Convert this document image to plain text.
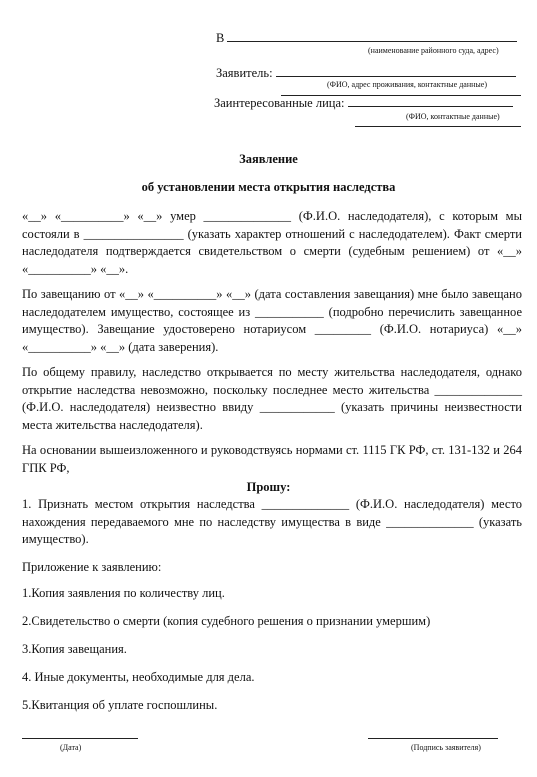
В
(наименование районного суда, адрес)
Заявитель:
(ФИО, адрес проживания, контактные данные)
Заинтересованные лица:
(ФИО, контактные данные)
Заявление
об установлении места открытия наследства
«__» «__________» «__» умер ______________ (Ф.И.О. наследодателя), с которым мы состояли в ________________ (указать характер отношений с наследодателем). Факт смерти наследодателя подтверждается свидетельством о смерти (судебным решением) от «__» «__________» «__».
По завещанию от «__» «__________» «__» (дата составления завещания) мне было завещано наследодателем имущество, состоящее из ___________ (подробно перечислить завещанное имущество). Завещание удостоверено нотариусом _________ (Ф.И.О. нотариуса) «__» «__________» «__» (дата заверения).
По общему правилу, наследство открывается по месту жительства наследодателя, однако открытие наследства невозможно, поскольку последнее место жительства ______________ (Ф.И.О. наследодателя) неизвестно ввиду ____________ (указать причины неизвестности места жительства наследодателя).
На основании вышеизложенного и руководствуясь нормами ст. 1115 ГК РФ, ст. 131-132 и 264 ГПК РФ,
Прошу:
1. Признать местом открытия наследства ______________ (Ф.И.О. наследодателя) место нахождения передаваемого мне по наследству имущества в виде ______________ (указать имущество).
Приложение к заявлению:
1.Копия заявления по количеству лиц.
2.Свидетельство о смерти (копия судебного решения о признании умершим)
3.Копия завещания.
4. Иные документы, необходимые для дела.
5.Квитанция об уплате госпошлины.
(Дата)	(Подпись заявителя)
